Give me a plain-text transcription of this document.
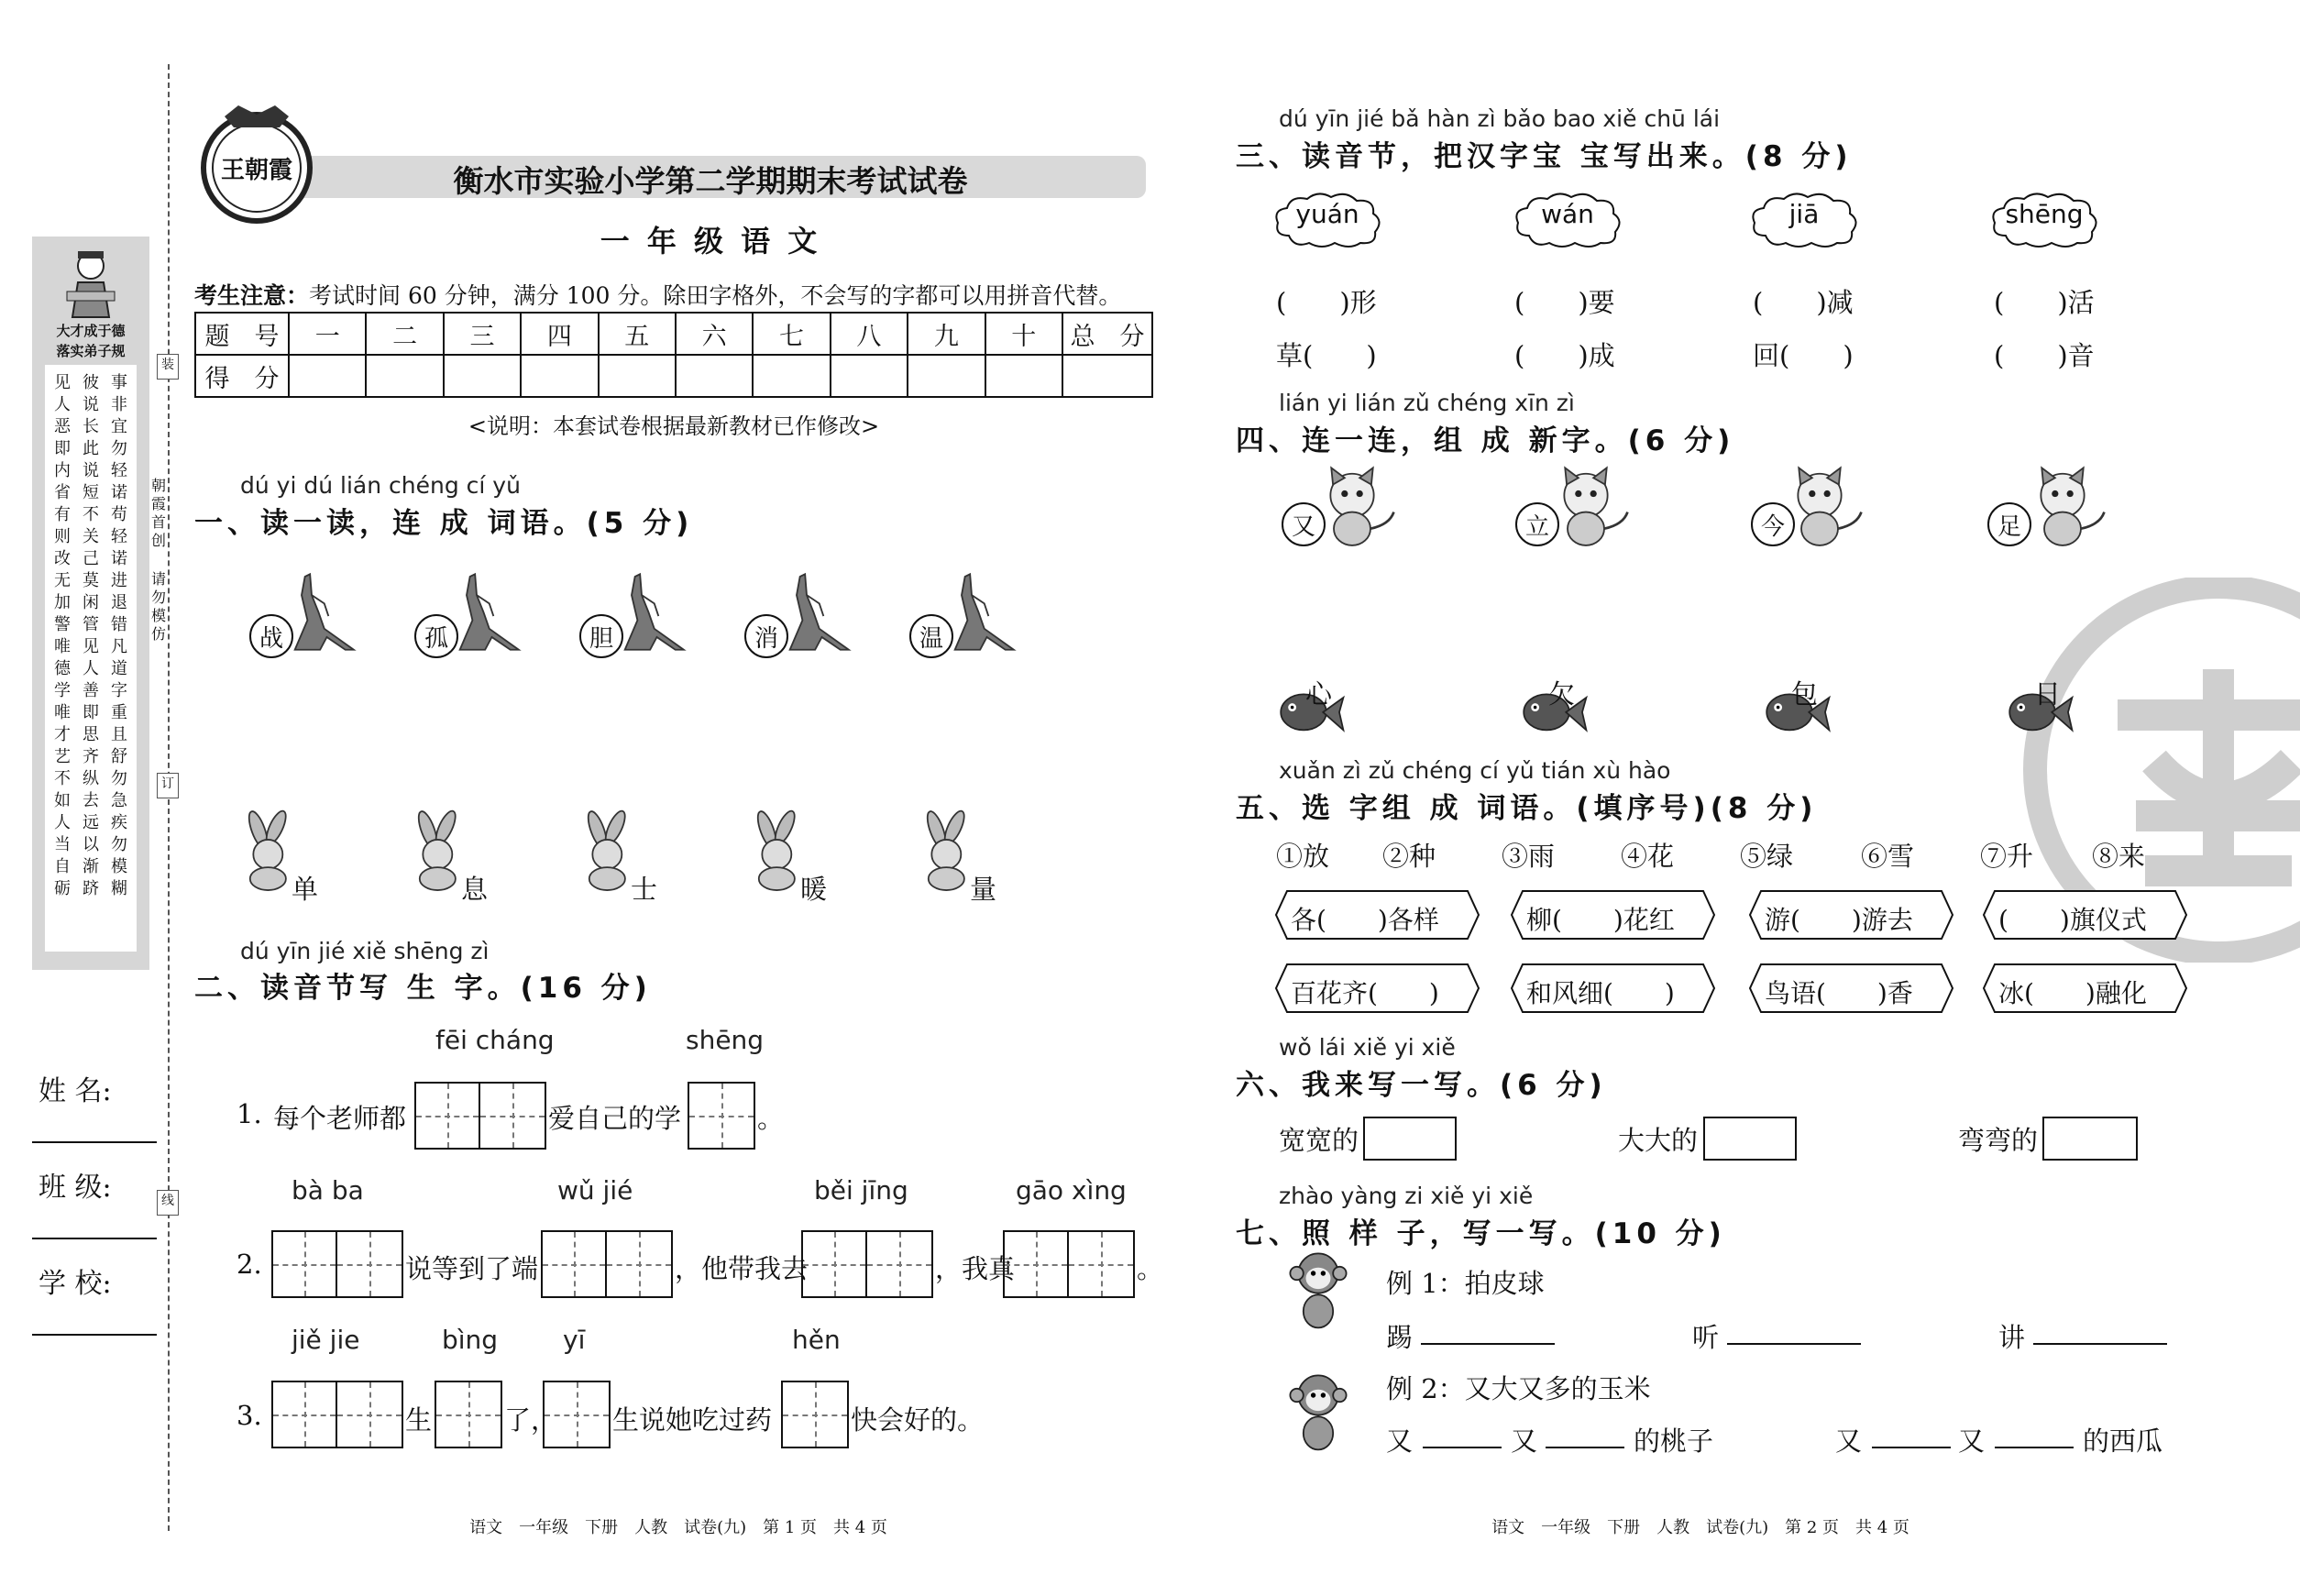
装
订
线
朝霞首创
请勿模仿
大才成于德
落实弟子规
见人恶即内省有则改无加警唯德学唯才艺不如人当自砺
彼说长此说短不关己莫闲管见人善即思齐纵去远以渐跻
事非宜勿轻诺苟轻诺进退错凡道字重且舒勿急疾勿模糊
姓 名:
班 级:
学 校:
王朝霞	衡水市实验小学第二学期期末考试试卷
一 年 级 语 文
考生注意：考试时间 60 分钟，满分 100 分。除田字格外，不会写的字都可以用拼音代替。
题　号	一	二	三	四	五	六	七	八	九	十	总　分
得　分											
<说明：本套试卷根据最新教材已作修改>
dú yi dú lián chéng cí yǔ
一、读一读，连 成 词语。(5 分)
战	孤	胆	消	温
单	息	士	暖	量
dú yīn jié xiě shēng zì
二、读音节写 生 字。(16 分)
fēi cháng	shēng
1. 每个老师都	爱自己的学	。
bà ba	wǔ jié	běi jīng	gāo xìng
2.	说等到了端	，他带我去	，我真	。
jiě jie	bìng	yī	hěn
3.	生	了， 生说她吃过药	快会好的。
语文　一年级　下册　人教　试卷(九)　第 1 页　共 4 页
dú yīn jié bǎ hàn zì bǎo bao xiě chū lái
三、读音节，把汉字宝 宝写出来。(8 分)
yuán	wán	jiā	shēng
(　　)形	(　　)要	(　　)减	(　　)活
草(　　)	(　　)成	回(　　)	(　　)音
lián yi lián zǔ chéng xīn zì
四、连一连，组 成 新字。(6 分)
又	立	今	足
心	欠	包	日
xuǎn zì zǔ chéng cí yǔ tián xù hào
五、选 字组 成 词语。(填序号)(8 分)
①放 ②种 ③雨 ④花 ⑤绿	⑥雪 ⑦升 ⑧来
各(　　)各样	柳(　　)花红	游(　　)游去	(　　)旗仪式
百花齐(　　)	和风细(　　)	鸟语(　　)香	冰(　　)融化
wǒ lái xiě yi xiě
六、我来写一写。(6 分)
宽宽的	大大的	弯弯的
zhào yàng zi xiě yi xiě
七、照 样 子，写一写。(10 分)
例 1：拍皮球
踢	听	讲
例 2：又大又多的玉米
又	又	的桃子	又	又	的西瓜
语文　一年级　下册　人教　试卷(九)　第 2 页　共 4 页
